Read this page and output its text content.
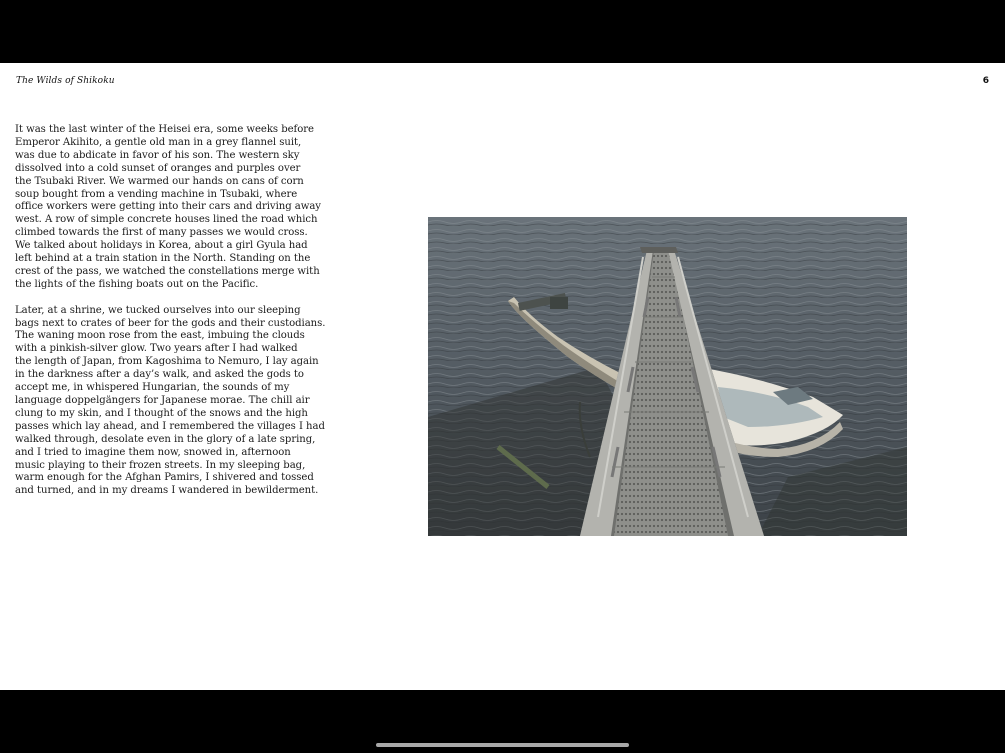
The Wilds of Shikoku	6

It was the last winter of the Heisei era, some weeks before
Emperor Akihito, a gentle old man in a grey flannel suit,
was due to abdicate in favor of his son. The western sky
dissolved into a cold sunset of oranges and purples over
the Tsubaki River. We warmed our hands on cans of corn
soup bought from a vending machine in Tsubaki, where
office workers were getting into their cars and driving away
west. A row of simple concrete houses lined the road which
climbed towards the first of many passes we would cross.
We talked about holidays in Korea, about a girl Gyula had
left behind at a train station in the North. Standing on the
crest of the pass, we watched the constellations merge with
the lights of the fishing boats out on the Pacific.

Later, at a shrine, we tucked ourselves into our sleeping
bags next to crates of beer for the gods and their custodians.
The waning moon rose from the east, imbuing the clouds
with a pinkish-silver glow. Two years after I had walked
the length of Japan, from Kagoshima to Nemuro, I lay again
in the darkness after a day’s walk, and asked the gods to
accept me, in whispered Hungarian, the sounds of my
language doppelgängers for Japanese morae. The chill air
clung to my skin, and I thought of the snows and the high
passes which lay ahead, and I remembered the villages I had
walked through, desolate even in the glory of a late spring,
and I tried to imagine them now, snowed in, afternoon
music playing to their frozen streets. In my sleeping bag,
warm enough for the Afghan Pamirs, I shivered and tossed
and turned, and in my dreams I wandered in bewilderment.
